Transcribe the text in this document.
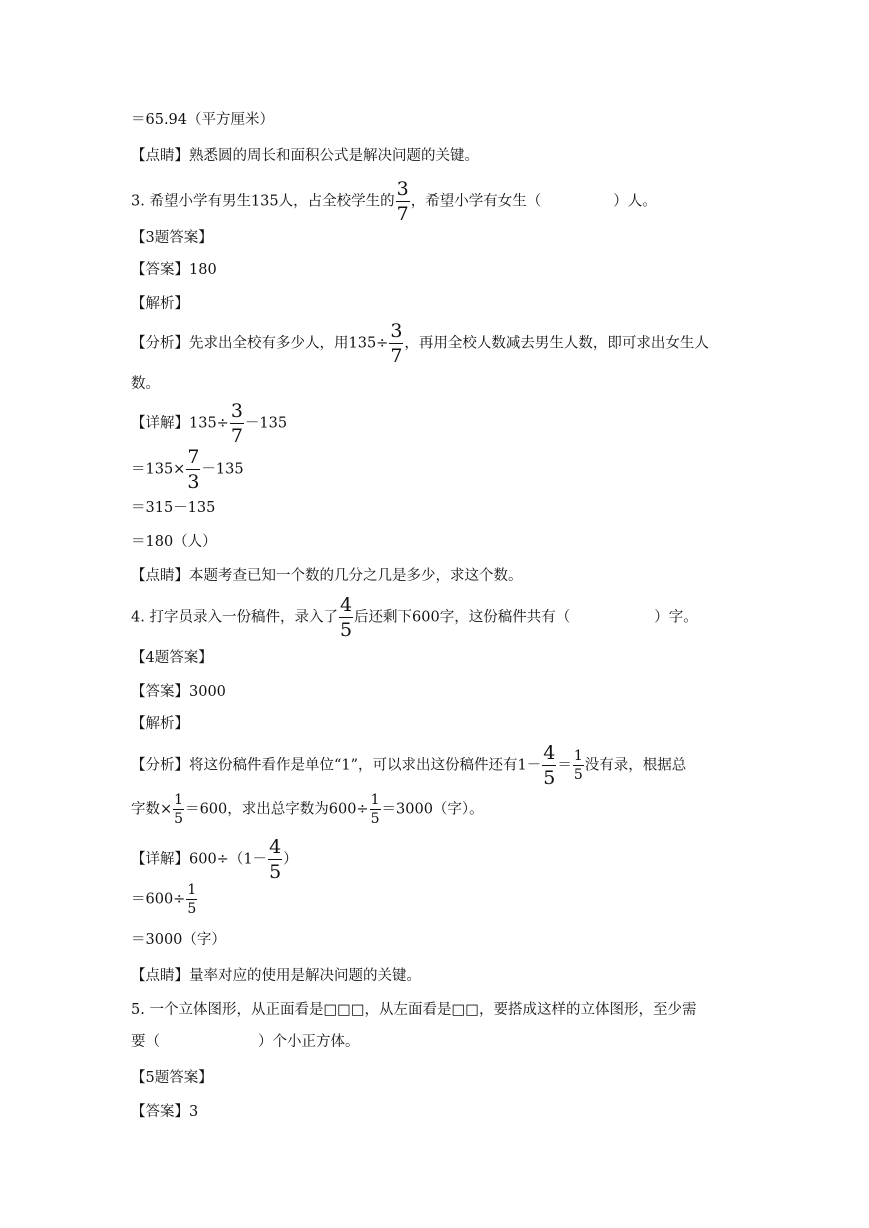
＝65.94（平方厘米）
【点睛】熟悉圆的周长和面积公式是解决问题的关键。
3. 希望小学有男生135人，占全校学生的 $\frac{3}{7}$ ，希望小学有女生（	）人。
【3题答案】
【答案】180
【解析】
【分析】先求出全校有多少人，用$135\div \frac{3}{7}$ ，再用全校人数减去男生人数，即可求出女生人
数。
【详解】$135\div \frac{3}{7} -135$
$=135\times \frac{7}{3} -135$
＝315－135
＝180（人）
【点睛】本题考查已知一个数的几分之几是多少，求这个数。
4. 打字员录入一份稿件，录入了 $\frac{4}{5}$ 后还剩下600字，这份稿件共有（	）字。
【4题答案】
【答案】3000
【解析】
【分析】将这份稿件看作是单位“1”，可以求出这份稿件还有$1- \frac{4}{5} = \frac{1}{5}$ 没有录，根据总
字数× $\frac{1}{5} =600$，求出总字数为$600\div \frac{1}{5} =3000$（字）。
【详解】$600\div(1- \frac{4}{5}$ ）
$=600\div \frac{1}{5}$
＝3000（字）
【点睛】量率对应的使用是解决问题的关键。
5. 一个立体图形，从正面看是□□□，从左面看是□□，要搭成这样的立体图形，至少需
要（	）个小正方体。
【5题答案】
【答案】3
